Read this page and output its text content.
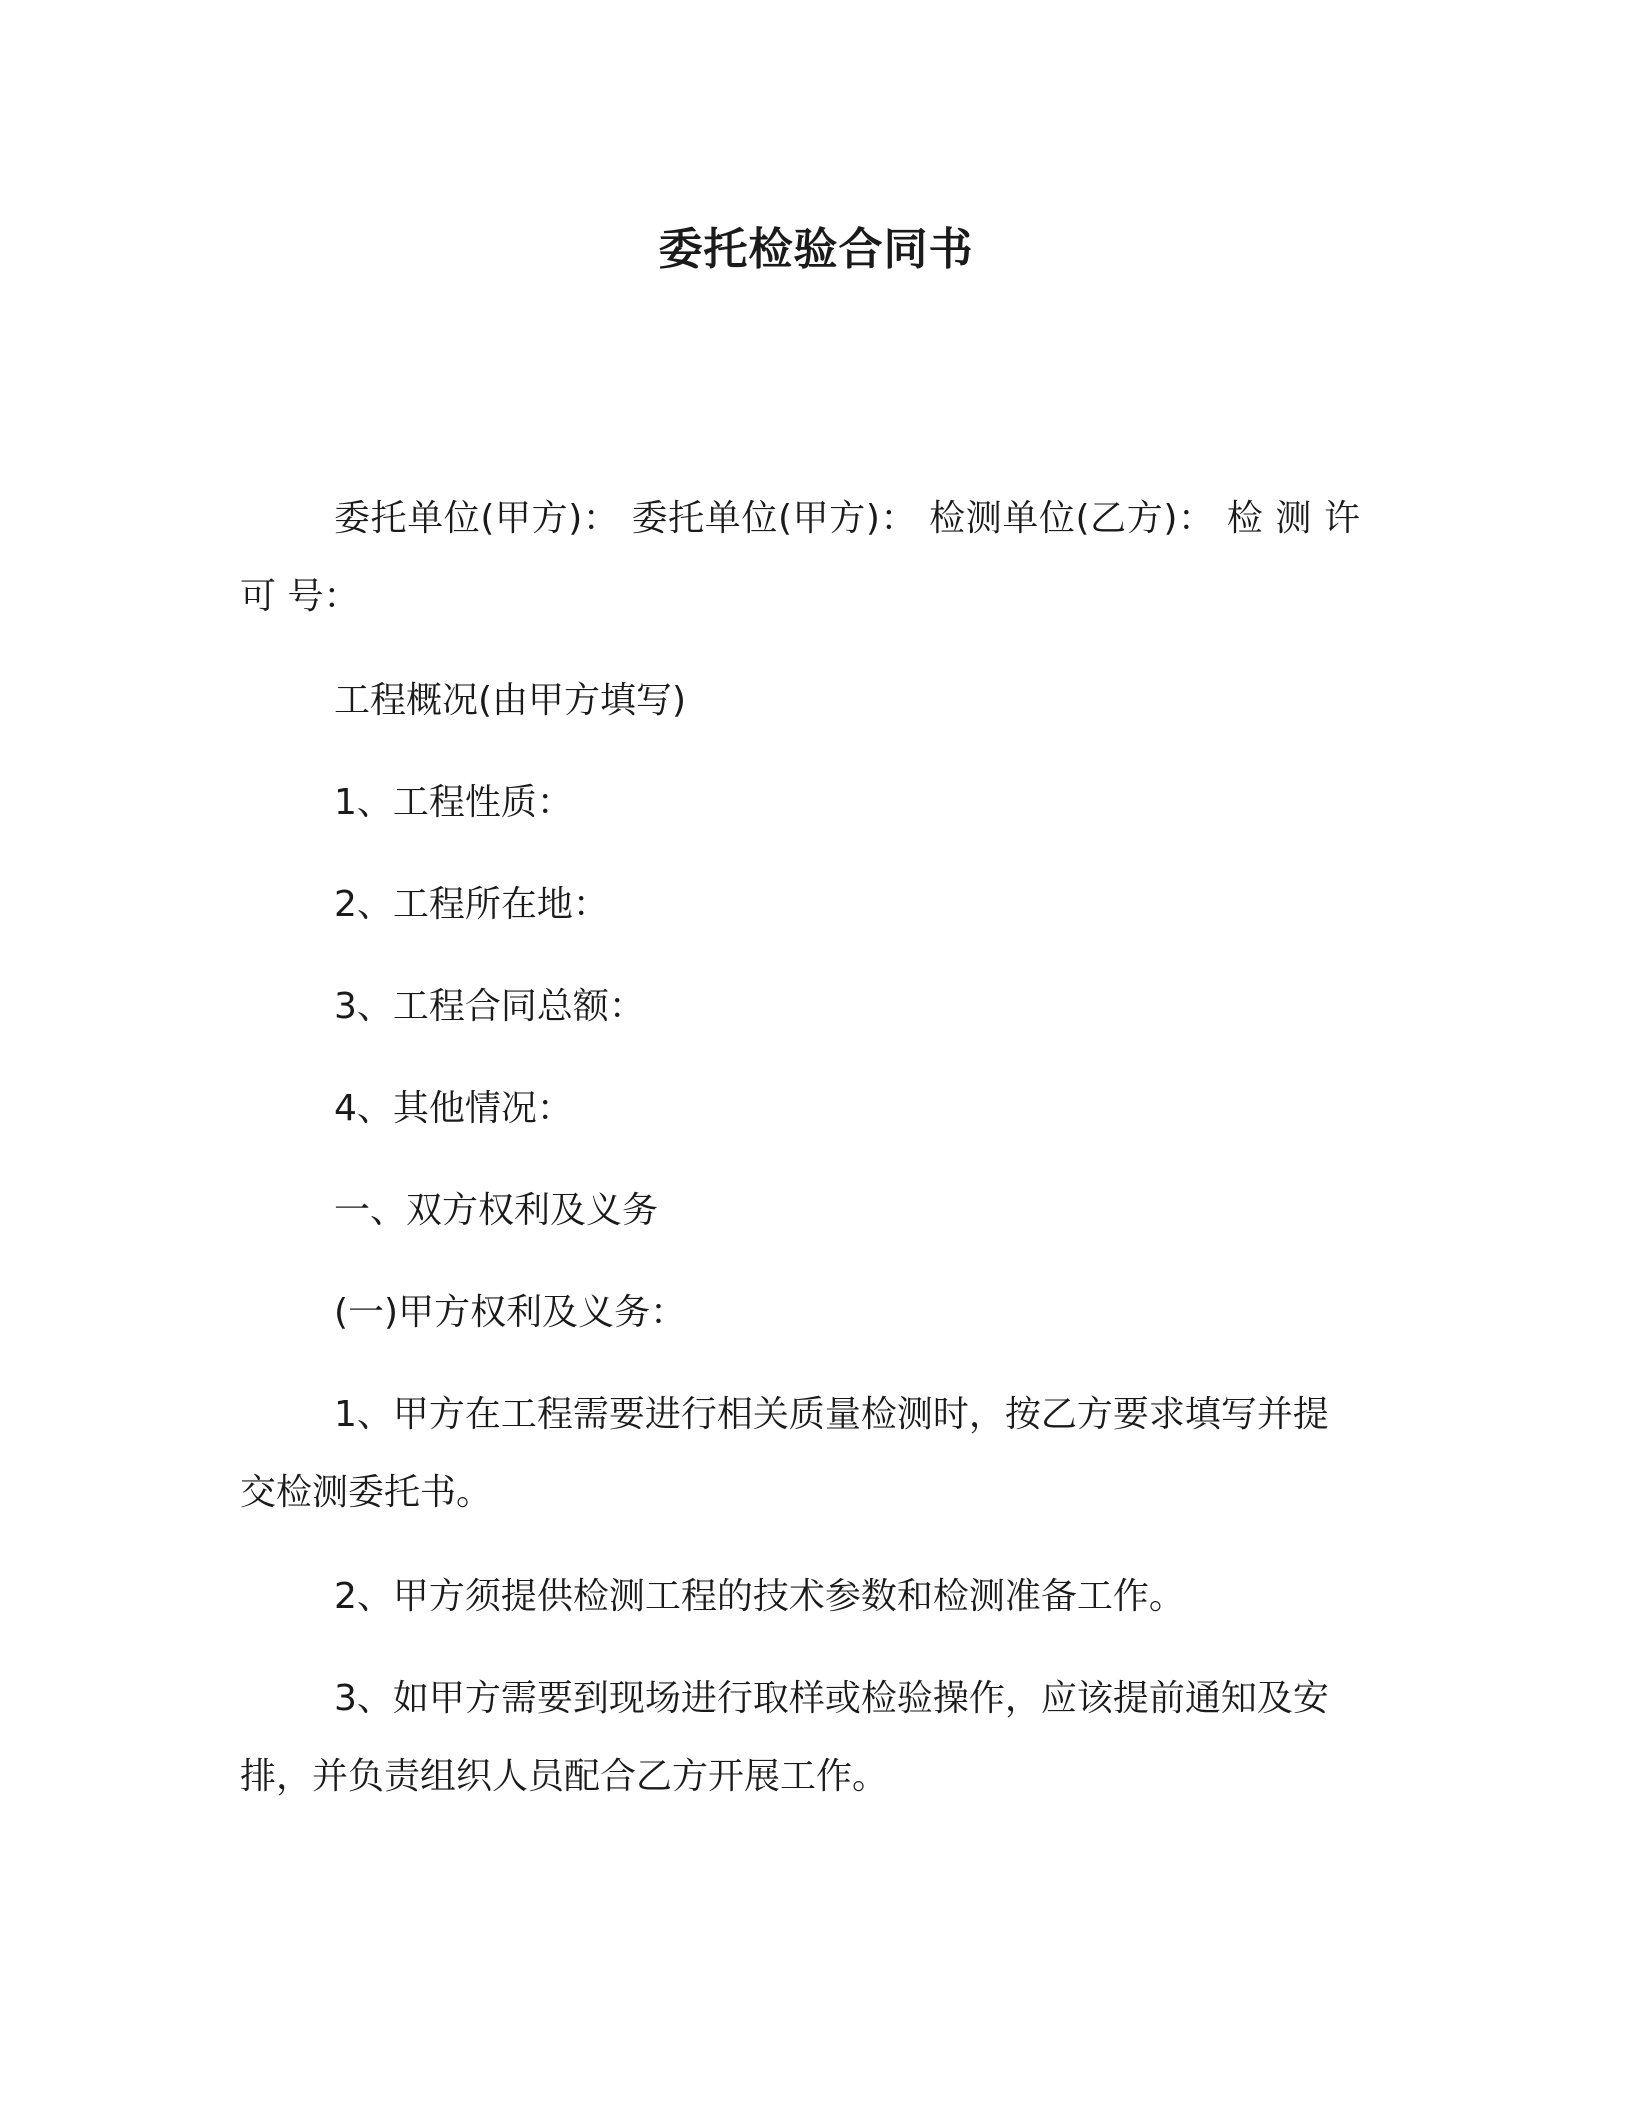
委托检验合同书

委托单位(甲方)： 委托单位(甲方)： 检测单位(乙方)： 检 测 许 可 号：

工程概况(由甲方填写)

1、工程性质：

2、工程所在地：

3、工程合同总额：

4、其他情况：

一、双方权利及义务

(一)甲方权利及义务：

1、甲方在工程需要进行相关质量检测时，按乙方要求填写并提交检测委托书。

2、甲方须提供检测工程的技术参数和检测准备工作。

3、如甲方需要到现场进行取样或检验操作，应该提前通知及安排，并负责组织人员配合乙方开展工作。
